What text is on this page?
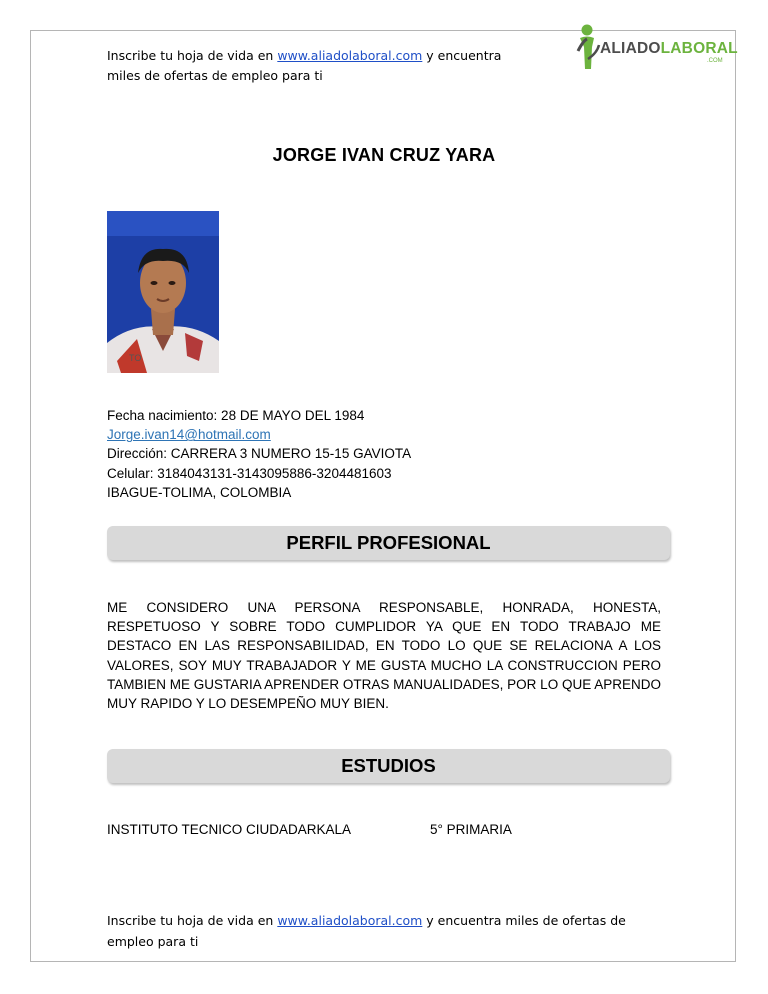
Inscribe tu hoja de vida en www.aliadolaboral.com y encuentra
miles de ofertas de empleo para ti
ALIADOLABORAL
.COM
JORGE IVAN CRUZ YARA
TO
Fecha nacimiento: 28 DE MAYO DEL 1984
Jorge.ivan14@hotmail.com
Dirección: CARRERA 3 NUMERO 15-15 GAVIOTA
Celular: 3184043131-3143095886-3204481603
IBAGUE-TOLIMA, COLOMBIA
PERFIL PROFESIONAL
ME CONSIDERO UNA PERSONA RESPONSABLE, HONRADA, HONESTA, RESPETUOSO Y SOBRE TODO CUMPLIDOR YA QUE EN TODO TRABAJO ME DESTACO EN LAS RESPONSABILIDAD, EN TODO LO QUE SE RELACIONA A LOS VALORES, SOY MUY TRABAJADOR Y ME GUSTA MUCHO LA CONSTRUCCION PERO TAMBIEN ME GUSTARIA APRENDER OTRAS MANUALIDADES, POR LO QUE APRENDO MUY RAPIDO Y LO DESEMPEÑO MUY BIEN.
ESTUDIOS
INSTITUTO TECNICO CIUDADARKALA	5° PRIMARIA
Inscribe tu hoja de vida en www.aliadolaboral.com y encuentra miles de ofertas de empleo para ti
